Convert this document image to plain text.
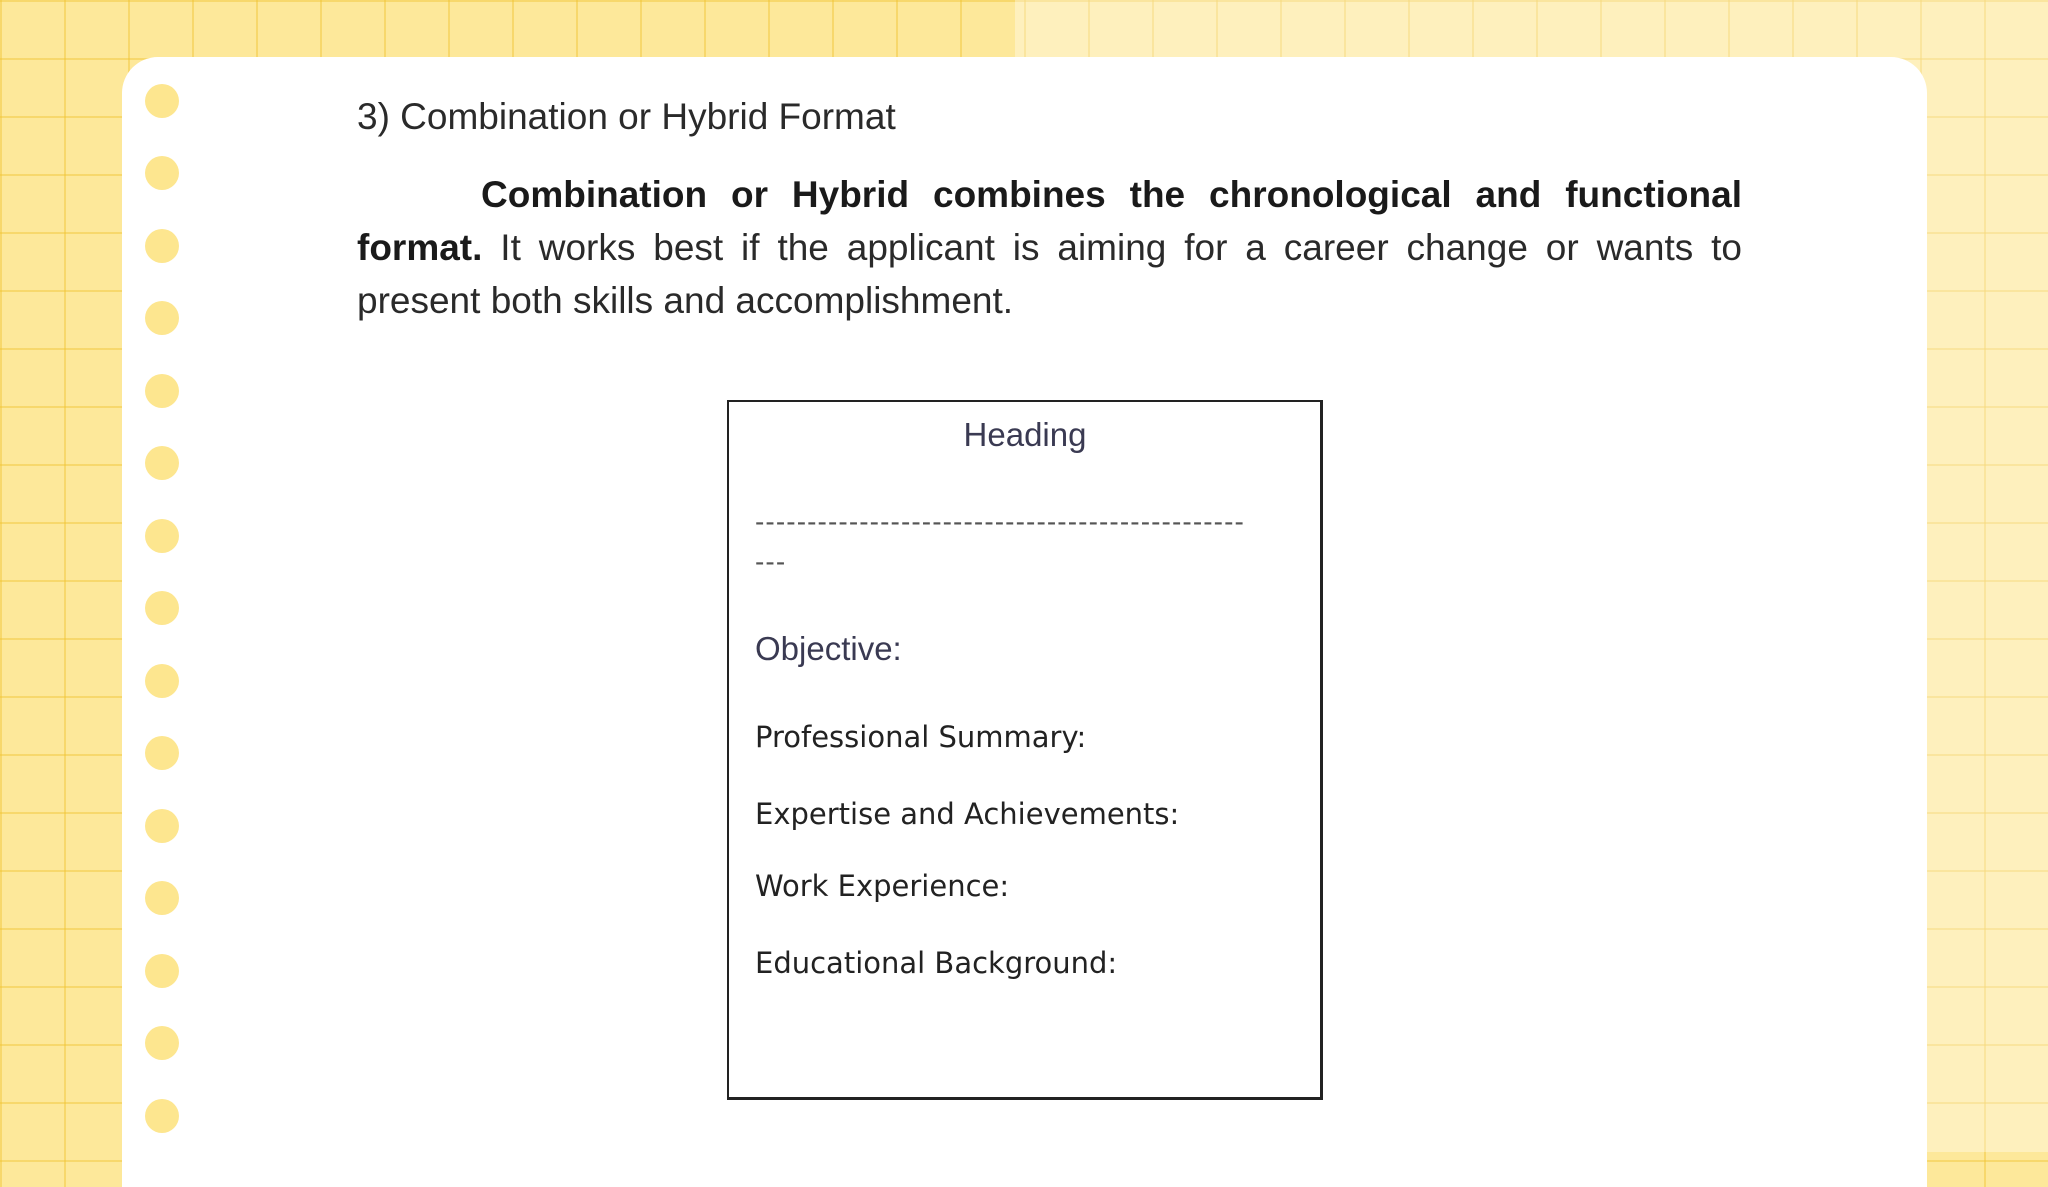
3) Combination or Hybrid Format

Combination or Hybrid combines the chronological and functional format. It works best if the applicant is aiming for a career change or wants to present both skills and accomplishment.

Heading
-----------------------------------------------
---
Objective:
Professional Summary:
Expertise and Achievements:
Work Experience:
Educational Background:
